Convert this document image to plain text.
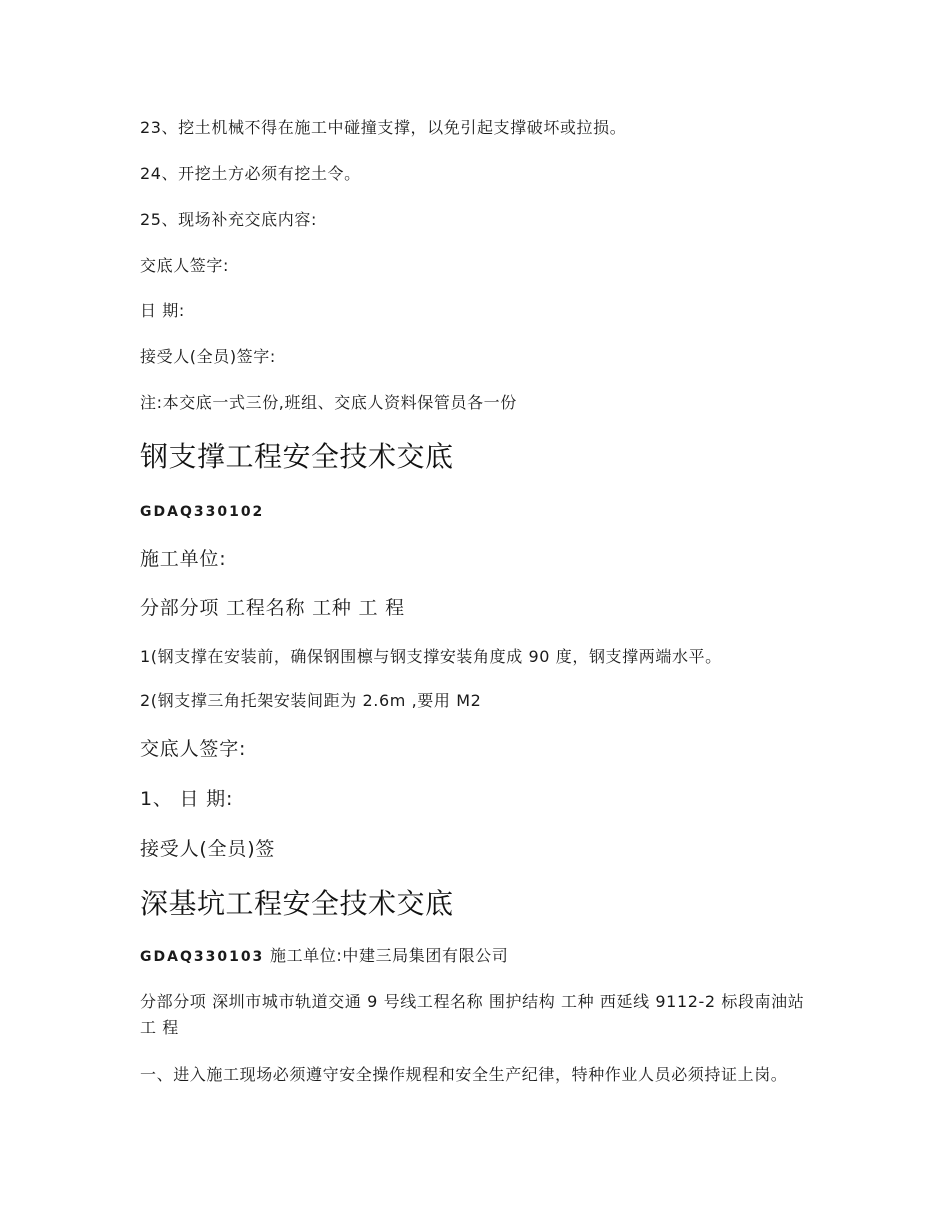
23、挖土机械不得在施工中碰撞支撑，以免引起支撑破坏或拉损。
24、开挖土方必须有挖土令。
25、现场补充交底内容:
交底人签字:
日 期:
接受人(全员)签字:
注:本交底一式三份,班组、交底人资料保管员各一份
钢支撑工程安全技术交底
GDAQ330102
施工单位:
分部分项 工程名称 工种 工 程
1(钢支撑在安装前，确保钢围檩与钢支撑安装角度成 90 度，钢支撑两端水平。
2(钢支撑三角托架安装间距为 2.6m ,要用 M2
交底人签字:
1、 日 期:
接受人(全员)签
深基坑工程安全技术交底
GDAQ330103 施工单位:中建三局集团有限公司
分部分项 深圳市城市轨道交通 9 号线工程名称 围护结构 工种 西延线 9112-2 标段南油站 工 程
一、进入施工现场必须遵守安全操作规程和安全生产纪律，特种作业人员必须持证上岗。
